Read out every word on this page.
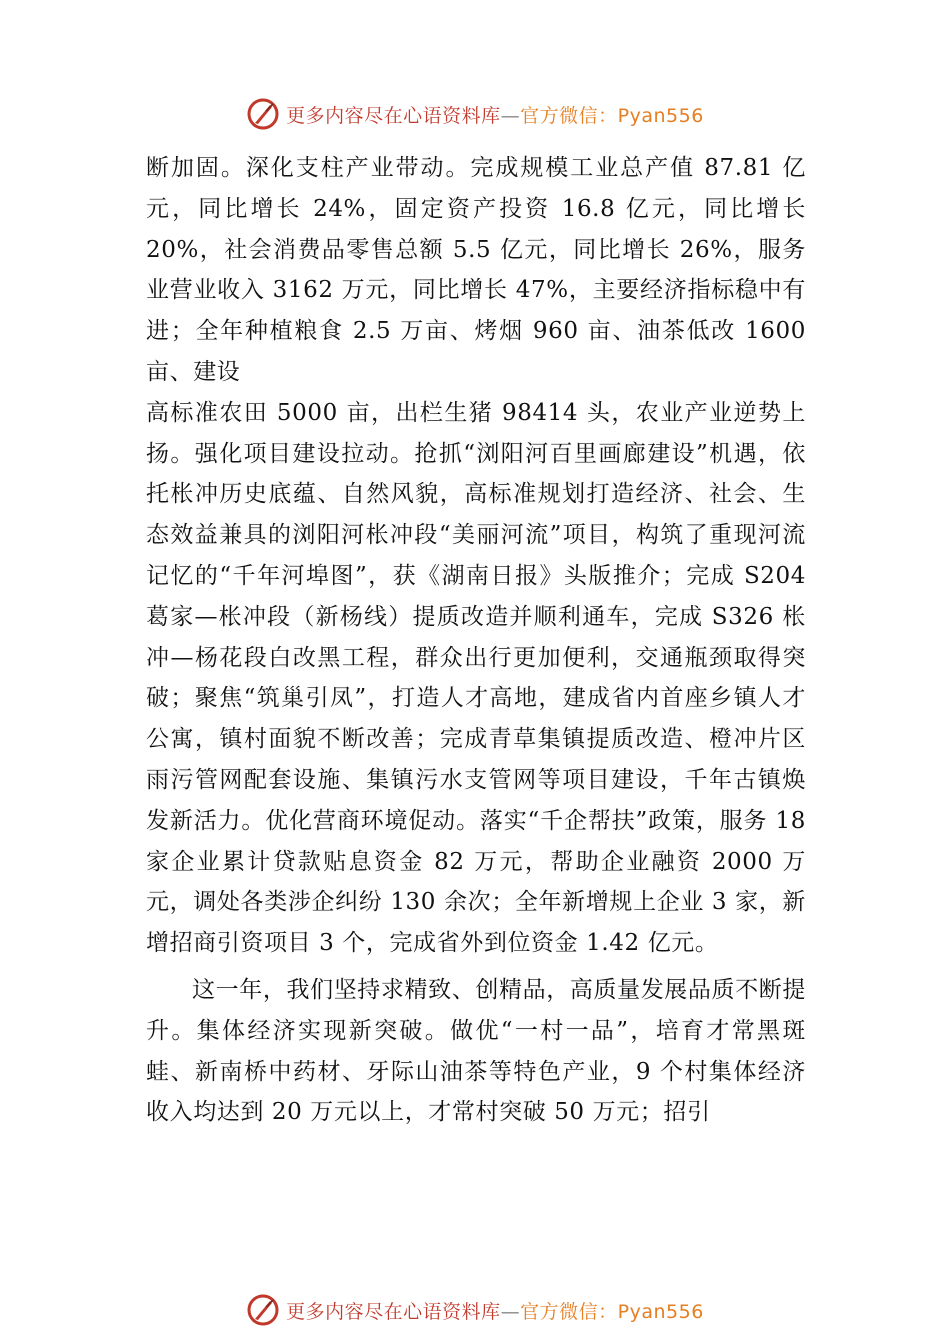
更多内容尽在心语资料库—官方微信：Pyan556

断加固。深化支柱产业带动。完成规模工业总产值 87.81 亿元，同比增长 24%，固定资产投资 16.8 亿元，同比增长 20%，社会消费品零售总额 5.5 亿元，同比增长 26%，服务业营业收入 3162 万元，同比增长 47%，主要经济指标稳中有进；全年种植粮食 2.5 万亩、烤烟 960 亩、油茶低改 1600 亩、建设

高标准农田 5000 亩，出栏生猪 98414 头，农业产业逆势上扬。强化项目建设拉动。抢抓“浏阳河百里画廊建设”机遇，依托枨冲历史底蕴、自然风貌，高标准规划打造经济、社会、生态效益兼具的浏阳河枨冲段“美丽河流”项目，构筑了重现河流记忆的“千年河埠图”，获《湖南日报》头版推介；完成 S204 葛家—枨冲段（新杨线）提质改造并顺利通车，完成 S326 枨冲—杨花段白改黑工程，群众出行更加便利，交通瓶颈取得突破；聚焦“筑巢引凤”，打造人才高地，建成省内首座乡镇人才公寓，镇村面貌不断改善；完成青草集镇提质改造、橙冲片区雨污管网配套设施、集镇污水支管网等项目建设，千年古镇焕发新活力。优化营商环境促动。落实“千企帮扶”政策，服务 18 家企业累计贷款贴息资金 82 万元，帮助企业融资 2000 万元，调处各类涉企纠纷 130 余次；全年新增规上企业 3 家，新增招商引资项目 3 个，完成省外到位资金 1.42 亿元。

这一年，我们坚持求精致、创精品，高质量发展品质不断提升。集体经济实现新突破。做优“一村一品”，培育才常黑斑蛙、新南桥中药材、牙际山油茶等特色产业，9 个村集体经济收入均达到 20 万元以上，才常村突破 50 万元；招引

更多内容尽在心语资料库—官方微信：Pyan556
